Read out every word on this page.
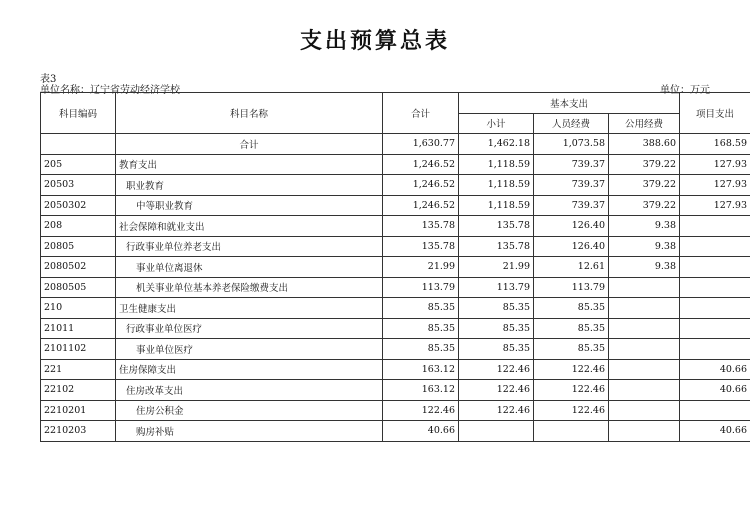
支出预算总表
表3
单位名称：辽宁省劳动经济学校	单位：万元
科目编码	科目名称	合计	基本支出			项目支出
			小计	人员经费	公用经费	
	合计	1,630.77	1,462.18	1,073.58	388.60	168.59
205	教育支出	1,246.52	1,118.59	739.37	379.22	127.93
20503	职业教育	1,246.52	1,118.59	739.37	379.22	127.93
2050302	中等职业教育	1,246.52	1,118.59	739.37	379.22	127.93
208	社会保障和就业支出	135.78	135.78	126.40	9.38	
20805	行政事业单位养老支出	135.78	135.78	126.40	9.38	
2080502	事业单位离退休	21.99	21.99	12.61	9.38	
2080505	机关事业单位基本养老保险缴费支出	113.79	113.79	113.79		
210	卫生健康支出	85.35	85.35	85.35		
21011	行政事业单位医疗	85.35	85.35	85.35		
2101102	事业单位医疗	85.35	85.35	85.35		
221	住房保障支出	163.12	122.46	122.46		40.66
22102	住房改革支出	163.12	122.46	122.46		40.66
2210201	住房公积金	122.46	122.46	122.46		
2210203	购房补贴	40.66				40.66
